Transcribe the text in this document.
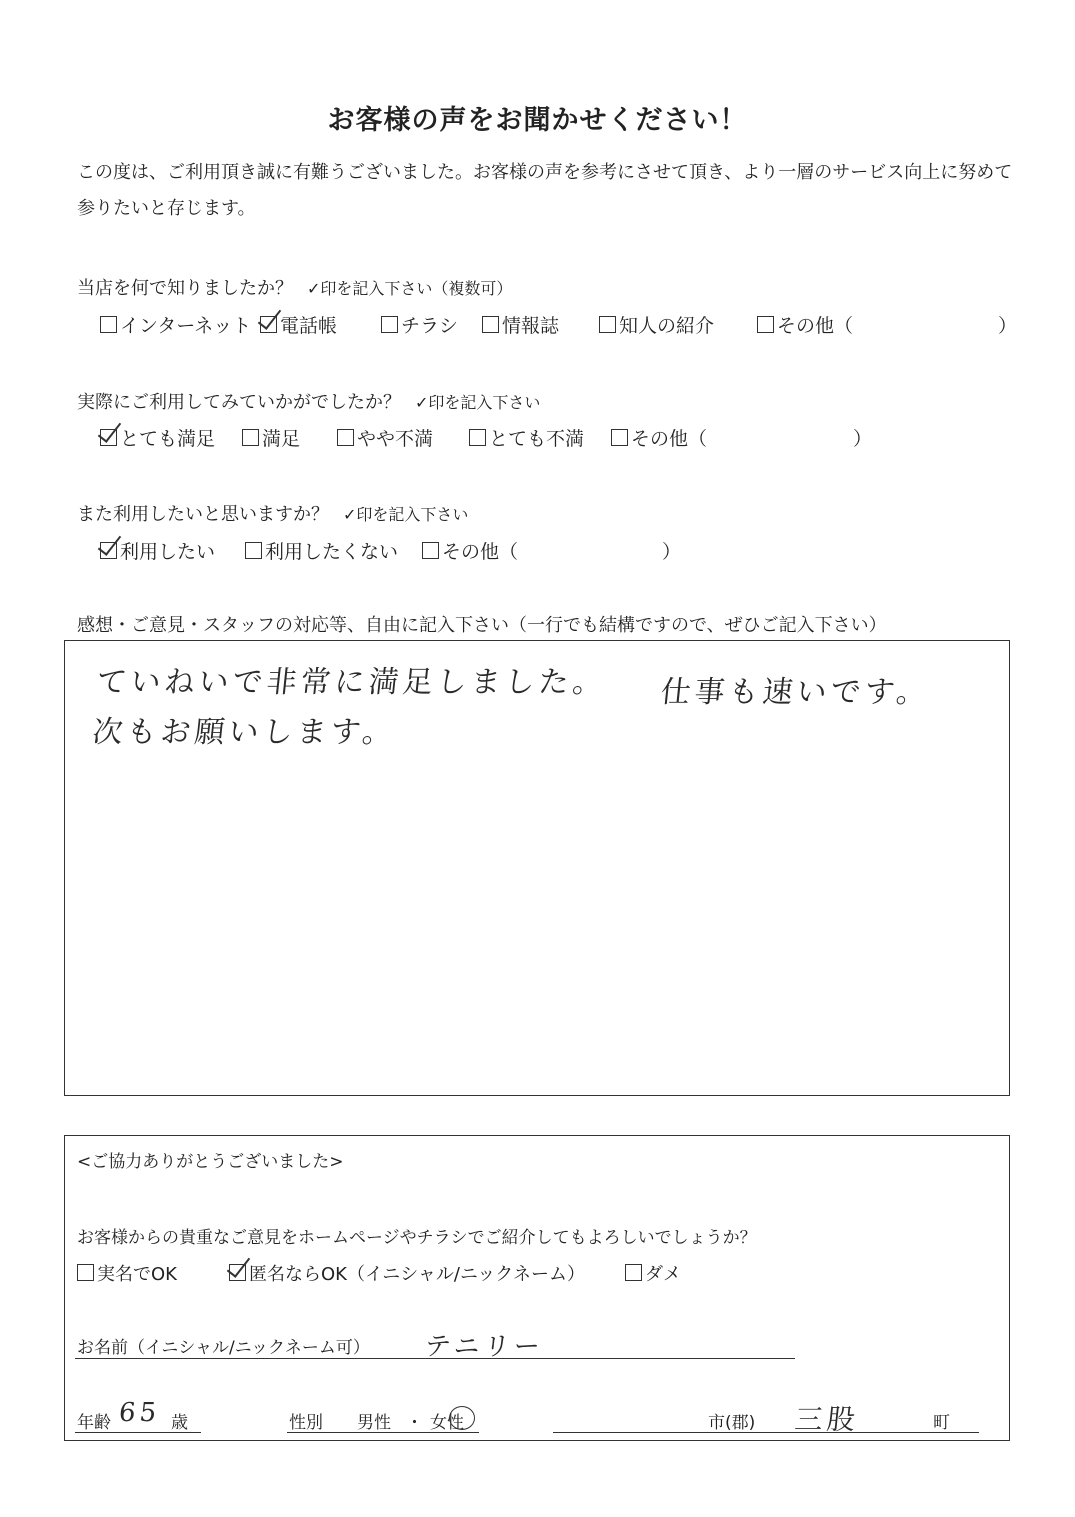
お客様の声をお聞かせください！
この度は、ご利用頂き誠に有難うございました。お客様の声を参考にさせて頂き、より一層のサービス向上に努めて参りたいと存じます。
当店を何で知りましたか？ ✓印を記入下さい（複数可）
インターネット	電話帳	チラシ	情報誌	知人の紹介	その他（	）
実際にご利用してみていかがでしたか？ ✓印を記入下さい
とても満足	満足	やや不満	とても不満	その他（	）
また利用したいと思いますか？ ✓印を記入下さい
利用したい	利用したくない	その他（	）
感想・ご意見・スタッフの対応等、自由に記入下さい（一行でも結構ですので、ぜひご記入下さい）
ていねいで非常に満足しました。 仕事も速いです。
次もお願いします。
<ご協力ありがとうございました>
お客様からの貴重なご意見をホームページやチラシでご紹介してもよろしいでしょうか？
実名でOK	匿名ならOK（イニシャル/ニックネーム）	ダメ
お名前（イニシャル/ニックネーム可） テニリー
年齢 65 歳	性別 男性 ・ 女性	市(郡) 三股	町
